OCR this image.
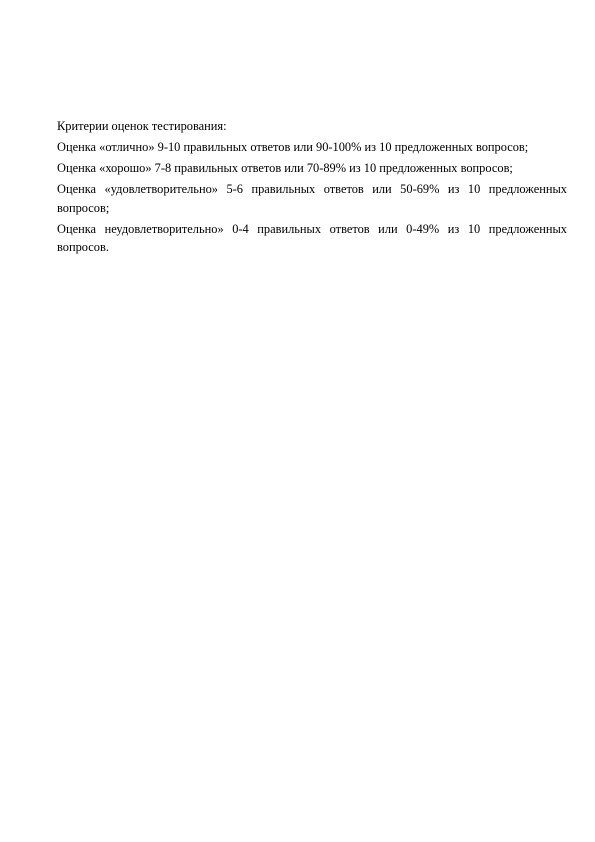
Критерии оценок тестирования:

Оценка «отлично» 9-10 правильных ответов или 90-100% из 10 предложенных вопросов;

Оценка «хорошо» 7-8 правильных ответов или 70-89% из 10 предложенных вопросов;

Оценка «удовлетворительно» 5-6 правильных ответов или 50-69% из 10 предложенных вопросов;

Оценка неудовлетворительно» 0-4 правильных ответов или 0-49% из 10 предложенных вопросов.
